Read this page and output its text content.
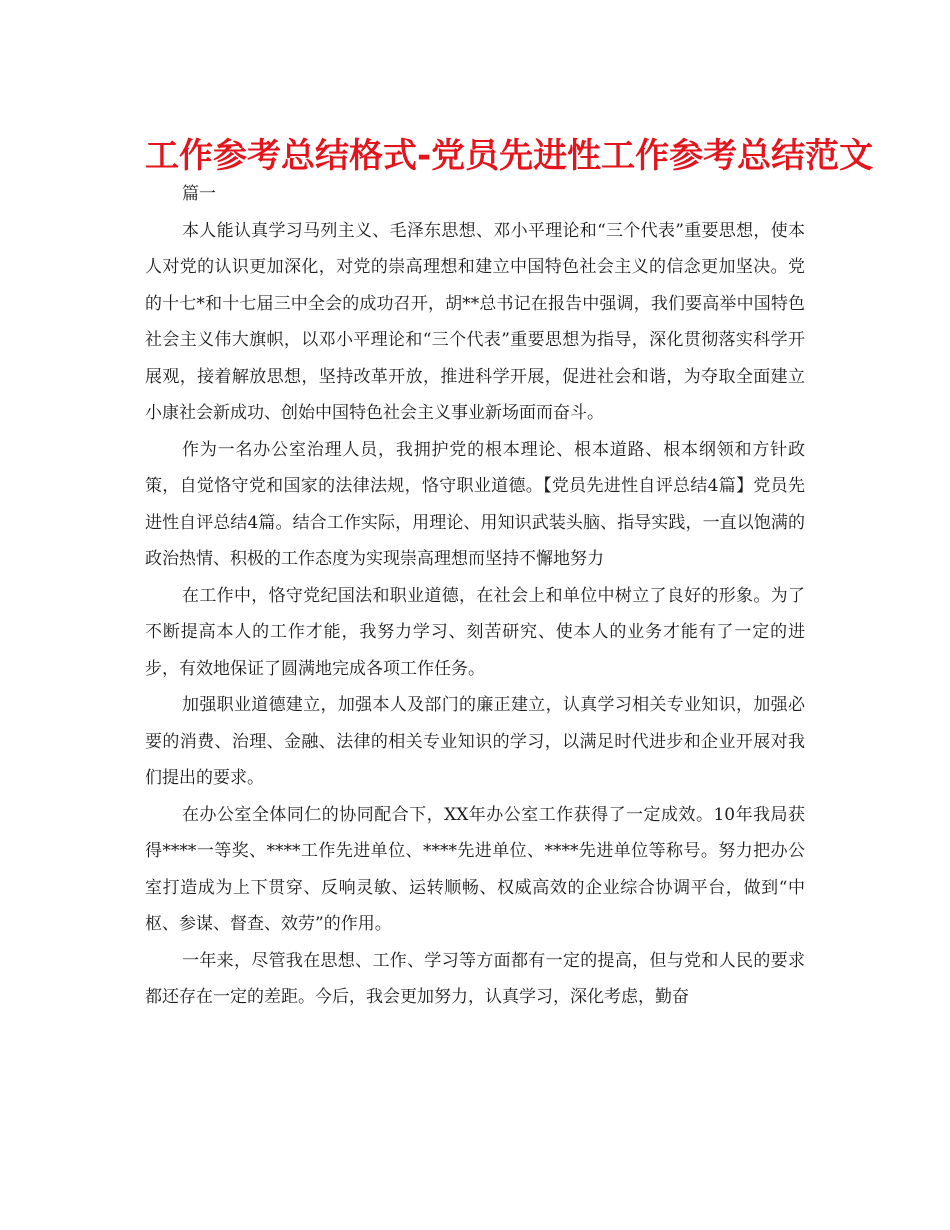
工作参考总结格式-党员先进性工作参考总结范文

篇一

本人能认真学习马列主义、毛泽东思想、邓小平理论和“三个代表”重要思想，使本人对党的认识更加深化，对党的崇高理想和建立中国特色社会主义的信念更加坚决。党的十七*和十七届三中全会的成功召开，胡**总书记在报告中强调，我们要高举中国特色社会主义伟大旗帜，以邓小平理论和“三个代表”重要思想为指导，深化贯彻落实科学开展观，接着解放思想，坚持改革开放，推进科学开展，促进社会和谐，为夺取全面建立小康社会新成功、创始中国特色社会主义事业新场面而奋斗。

作为一名办公室治理人员，我拥护党的根本理论、根本道路、根本纲领和方针政策，自觉恪守党和国家的法律法规，恪守职业道德。【党员先进性自评总结4篇】党员先进性自评总结4篇。结合工作实际，用理论、用知识武装头脑、指导实践，一直以饱满的政治热情、积极的工作态度为实现崇高理想而坚持不懈地努力

在工作中，恪守党纪国法和职业道德，在社会上和单位中树立了良好的形象。为了不断提高本人的工作才能，我努力学习、刻苦研究、使本人的业务才能有了一定的进步，有效地保证了圆满地完成各项工作任务。

加强职业道德建立，加强本人及部门的廉正建立，认真学习相关专业知识，加强必要的消费、治理、金融、法律的相关专业知识的学习，以满足时代进步和企业开展对我们提出的要求。

在办公室全体同仁的协同配合下，XX年办公室工作获得了一定成效。10年我局获得****一等奖、****工作先进单位、****先进单位、****先进单位等称号。努力把办公室打造成为上下贯穿、反响灵敏、运转顺畅、权威高效的企业综合协调平台，做到“中枢、参谋、督查、效劳”的作用。

一年来，尽管我在思想、工作、学习等方面都有一定的提高，但与党和人民的要求都还存在一定的差距。今后，我会更加努力，认真学习，深化考虑，勤奋
